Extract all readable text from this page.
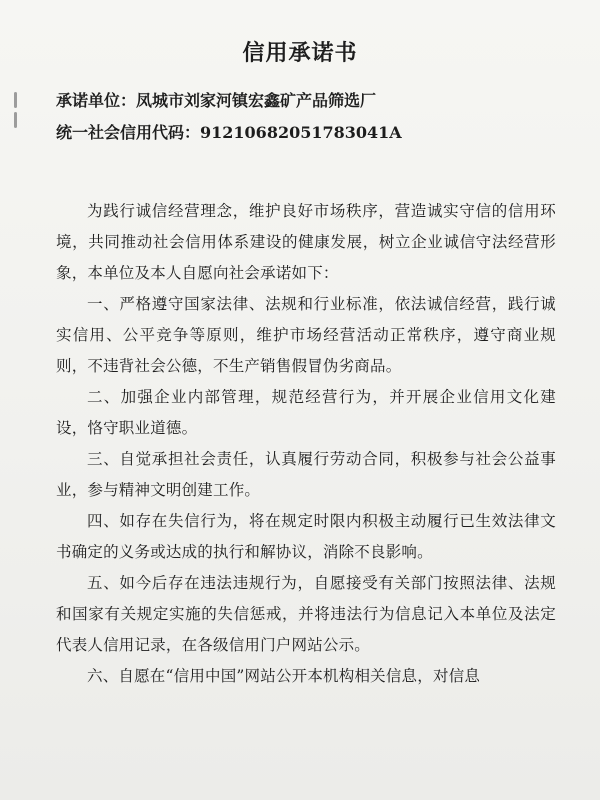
信用承诺书
承诺单位：凤城市刘家河镇宏鑫矿产品筛选厂
统一社会信用代码：91210682051783041A

为践行诚信经营理念，维护良好市场秩序，营造诚实守信的信用环境，共同推动社会信用体系建设的健康发展，树立企业诚信守法经营形象，本单位及本人自愿向社会承诺如下：

一、严格遵守国家法律、法规和行业标准，依法诚信经营，践行诚实信用、公平竞争等原则，维护市场经营活动正常秩序，遵守商业规则，不违背社会公德，不生产销售假冒伪劣商品。

二、加强企业内部管理，规范经营行为，并开展企业信用文化建设，恪守职业道德。

三、自觉承担社会责任，认真履行劳动合同，积极参与社会公益事业，参与精神文明创建工作。

四、如存在失信行为，将在规定时限内积极主动履行已生效法律文书确定的义务或达成的执行和解协议，消除不良影响。

五、如今后存在违法违规行为，自愿接受有关部门按照法律、法规和国家有关规定实施的失信惩戒，并将违法行为信息记入本单位及法定代表人信用记录，在各级信用门户网站公示。

六、自愿在“信用中国”网站公开本机构相关信息，对信息
